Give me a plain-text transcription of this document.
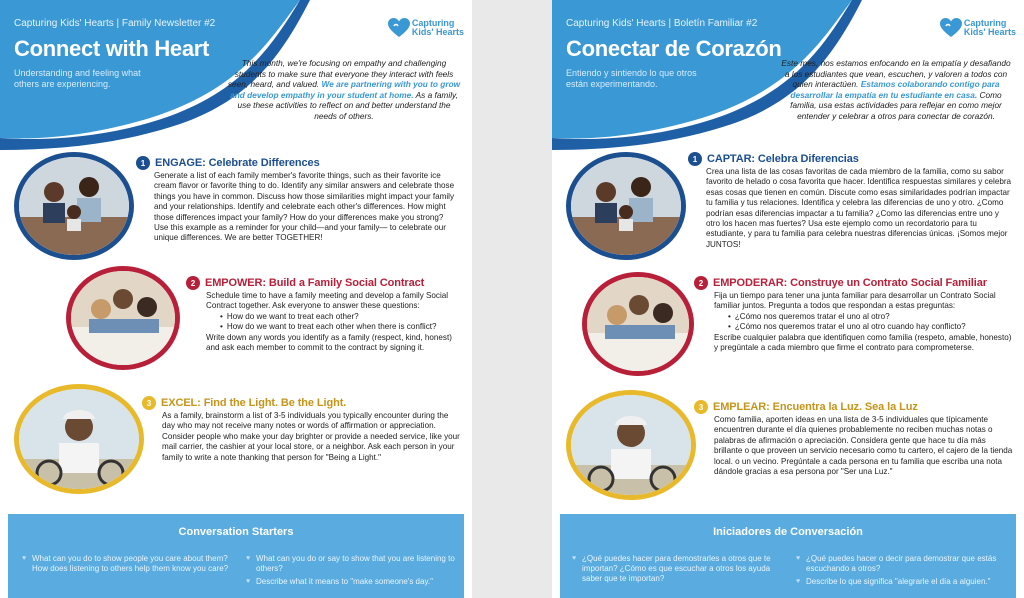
Capturing Kids' Hearts | Family Newsletter #2
Connect with Heart
Understanding and feeling what others are experiencing.
Capturing
Kids' Hearts
This month, we're focusing on empathy and challenging students to make sure that everyone they interact with feels seen, heard, and valued. We are partnering with you to grow and develop empathy in your student at home. As a family, use these activities to reflect on and better understand the needs of others.
1 ENGAGE: Celebrate Differences
Generate a list of each family member's favorite things, such as their favorite ice cream flavor or favorite thing to do. Identify any similar answers and celebrate those things you have in common. Discuss how those similarities might impact your family and your relationships. Identify and celebrate each other's differences. How might those differences impact your family? How do your differences make you strong? Use this example as a reminder for your child—and your family— to celebrate our unique differences. We are better TOGETHER!
2 EMPOWER: Build a Family Social Contract
Schedule time to have a family meeting and develop a family Social Contract together. Ask everyone to answer these questions:
• How do we want to treat each other?
• How do we want to treat each other when there is conflict?
Write down any words you identify as a family (respect, kind, honest) and ask each member to commit to the contract by signing it.
3 EXCEL: Find the Light. Be the Light.
As a family, brainstorm a list of 3-5 individuals you typically encounter during the day who may not receive many notes or words of affirmation or appreciation. Consider people who make your day brighter or provide a needed service, like your mail carrier, the cashier at your local store, or a neighbor. Ask each person in your family to write a note thanking that person for "Being a Light."
Conversation Starters
♥ What can you do to show people you care about them? How does listening to others help them know you care?
♥ What can you do or say to show that you are listening to others?
♥ Describe what it means to "make someone's day."
Capturing Kids' Hearts | Boletín Familiar #2
Conectar de Corazón
Entiendo y sintiendo lo que otros están experimentando.
Capturing
Kids' Hearts
Este mes, nos estamos enfocando en la empatía y desafiando a los estudiantes que vean, escuchen, y valoren a todos con quien interactúen. Estamos colaborando contigo para desarrollar la empatía en tu estudiante en casa. Como familia, usa estas actividades para reflejar en como mejor entender y celebrar a otros para conectar de corazón.
1 CAPTAR: Celebra Diferencias
Crea una lista de las cosas favoritas de cada miembro de la familia, como su sabor favorito de helado o cosa favorita que hacer. Identifica respuestas similares y celebra esas cosas que tienen en común. Discute como esas similaridades podrían impactar tu familia y tus relaciones. Identifica y celebra las diferencias de uno y otro. ¿Como podrían esas diferencias impactar a tu familia? ¿Como las diferencias entre uno y otro los hacen mas fuertes? Usa este ejemplo como un recordatorio para tu estudiante, y para tu familia para celebra nuestras diferencias únicas. ¡Somos mejor JUNTOS!
2 EMPODERAR: Construye un Contrato Social Familiar
Fija un tiempo para tener una junta familiar para desarrollar un Contrato Social familiar juntos. Pregunta a todos que respondan a estas preguntas:
• ¿Cómo nos queremos tratar el uno al otro?
• ¿Cómo nos queremos tratar el uno al otro cuando hay conflicto?
Escribe cualquier palabra que identifiquen como familia (respeto, amable, honesto) y pregúntale a cada miembro que firme el contrato para comprometerse.
3 EMPLEAR: Encuentra la Luz. Sea la Luz
Como familia, aporten ideas en una lista de 3-5 individuales que típicamente encuentren durante el día quienes probablemente no reciben muchas notas o palabras de afirmación o apreciación. Considera gente que hace tu día más brillante o que proveen un servicio necesario como tu cartero, el cajero de la tienda local. o un vecino. Pregúntale a cada persona en tu familia que escriba una nota dándole gracias a esa persona por "Ser una Luz."
Iniciadores de Conversación
♥ ¿Qué puedes hacer para demostrarles a otros que te importan? ¿Cómo es que escuchar a otros los ayuda saber que te importan?
♥ ¿Qué puedes hacer o decir para demostrar que estás escuchando a otros?
♥ Describe lo que significa "alegrarle el día a alguien."
